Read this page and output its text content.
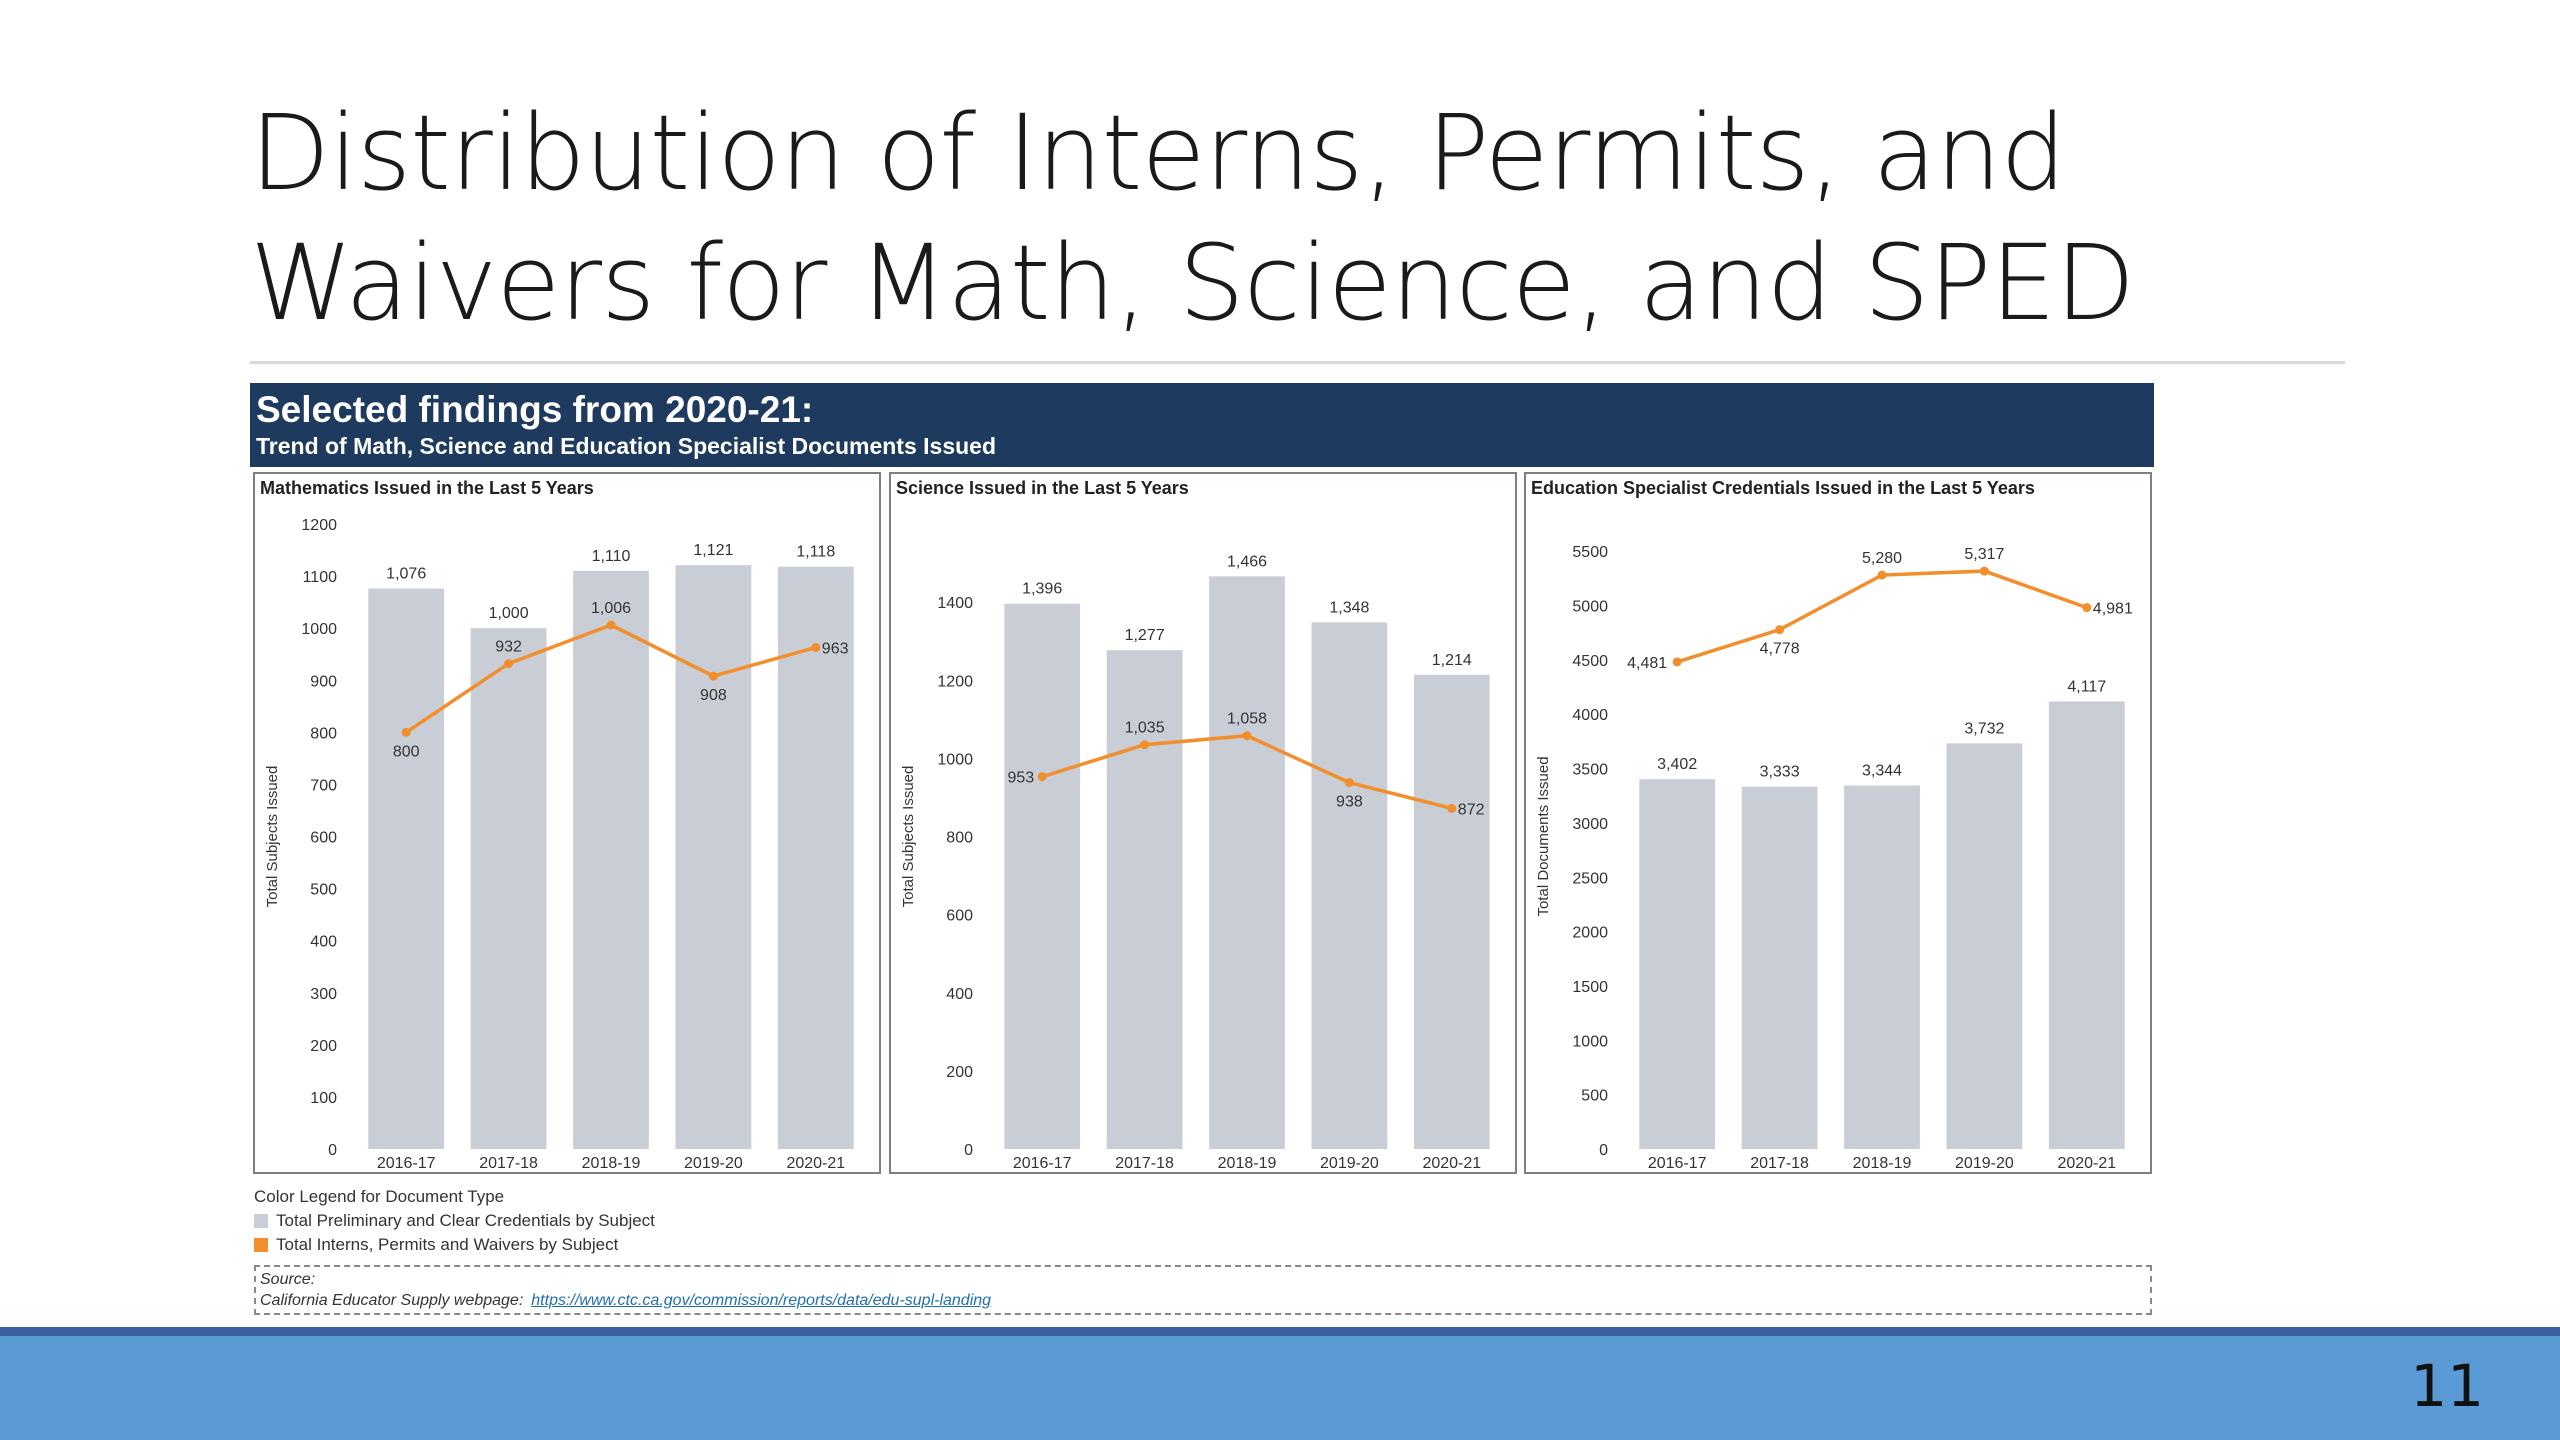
Distribution of Interns, Permits, and
Waivers for Math, Science, and SPED
Selected findings from 2020-21:
Trend of Math, Science and Education Specialist Documents Issued
Mathematics Issued in the Last 5 Years
0
100
200
300
400
500
600
700
800
900
1000
1100
1200
Total Subjects Issued
1,076
1,000
1,110	1,121	1,118
2016-17	2017-18	2018-19	2019-20	2020-21
800
932
1,006
908
963
Science Issued in the Last 5 Years
0
200
400
600
800
1000
1200
1400
Total Subjects Issued
1,396
1,277
1,466
1,348
1,214
2016-17	2017-18	2018-19	2019-20	2020-21
953
1,035
1,058
938	872
Education Specialist Credentials Issued in the Last 5 Years
0
500
1000
1500
2000
2500
3000
3500
4000
4500
5000
5500
Total Documents Issued	3,402	3,333	3,344
3,732
4,117
2016-17	2017-18	2018-19	2019-20	2020-21
4,481
4,778
5,280	5,317
4,981
Color Legend for Document Type
Total Preliminary and Clear Credentials by Subject
Total Interns, Permits and Waivers by Subject
Source:
California Educator Supply webpage: https://www.ctc.ca.gov/commission/reports/data/edu-supl-landing
11
